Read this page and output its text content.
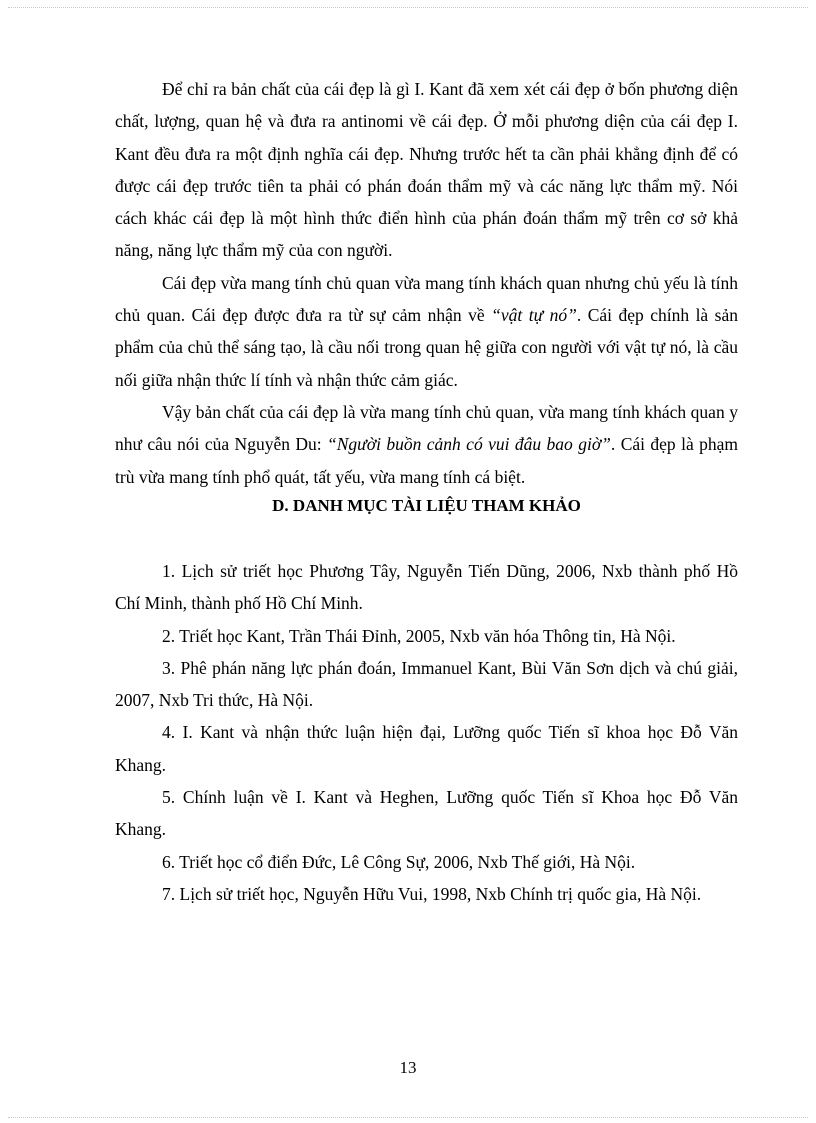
Để chỉ ra bản chất của cái đẹp là gì I. Kant đã xem xét cái đẹp ở bốn phương diện chất, lượng, quan hệ và đưa ra antinomi về cái đẹp. Ở mỗi phương diện của cái đẹp I. Kant đều đưa ra một định nghĩa cái đẹp. Nhưng trước hết ta cần phải khẳng định để có được cái đẹp trước tiên ta phải có phán đoán thẩm mỹ và các năng lực thẩm mỹ. Nói cách khác cái đẹp là một hình thức điển hình của phán đoán thẩm mỹ trên cơ sở khả năng, năng lực thẩm mỹ của con người.

Cái đẹp vừa mang tính chủ quan vừa mang tính khách quan nhưng chủ yếu là tính chủ quan. Cái đẹp được đưa ra từ sự cảm nhận về “vật tự nó”. Cái đẹp chính là sản phẩm của chủ thể sáng tạo, là cầu nối trong quan hệ giữa con người với vật tự nó, là cầu nối giữa nhận thức lí tính và nhận thức cảm giác.

Vậy bản chất của cái đẹp là vừa mang tính chủ quan, vừa mang tính khách quan y như câu nói của Nguyễn Du: “Người buồn cảnh có vui đâu bao giờ”. Cái đẹp là phạm trù vừa mang tính phổ quát, tất yếu, vừa mang tính cá biệt.

D. DANH MỤC TÀI LIỆU THAM KHẢO

1. Lịch sử triết học Phương Tây, Nguyễn Tiến Dũng, 2006, Nxb thành phố Hồ Chí Minh, thành phố Hồ Chí Minh.

2. Triết học Kant, Trần Thái Đỉnh, 2005, Nxb văn hóa Thông tin, Hà Nội.

3. Phê phán năng lực phán đoán, Immanuel Kant, Bùi Văn Sơn dịch và chú giải, 2007, Nxb Tri thức, Hà Nội.

4. I. Kant và nhận thức luận hiện đại, Lưỡng quốc Tiến sĩ khoa học Đỗ Văn Khang.

5. Chính luận về I. Kant và Heghen, Lưỡng quốc Tiến sĩ Khoa học Đỗ Văn Khang.

6. Triết học cổ điển Đức, Lê Công Sự, 2006, Nxb Thế giới, Hà Nội.

7. Lịch sử triết học, Nguyễn Hữu Vui, 1998, Nxb Chính trị quốc gia, Hà Nội.

13
